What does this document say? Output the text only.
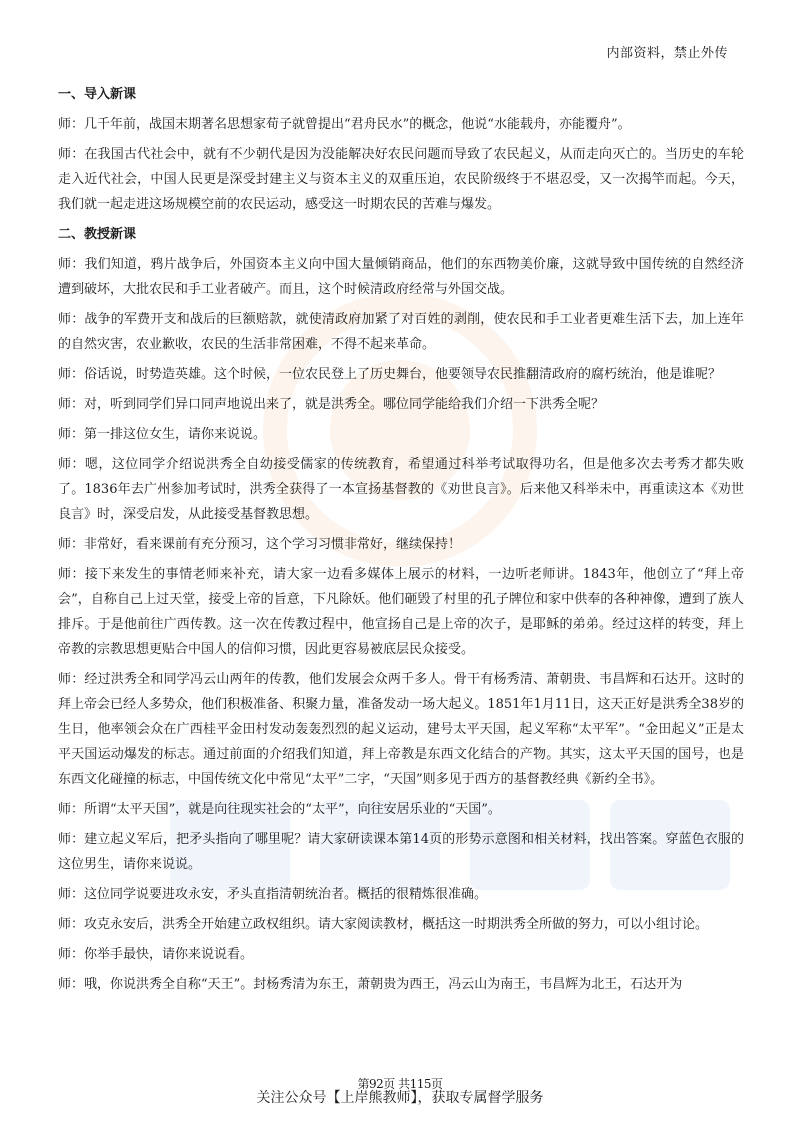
内部资料，禁止外传
一、导入新课

师：几千年前，战国末期著名思想家荀子就曾提出“君舟民水”的概念，他说“水能载舟，亦能覆舟”。

师：在我国古代社会中，就有不少朝代是因为没能解决好农民问题而导致了农民起义，从而走向灭亡的。当历史的车轮走入近代社会，中国人民更是深受封建主义与资本主义的双重压迫，农民阶级终于不堪忍受，又一次揭竿而起。今天，我们就一起走进这场规模空前的农民运动，感受这一时期农民的苦难与爆发。

二、教授新课

师：我们知道，鸦片战争后，外国资本主义向中国大量倾销商品，他们的东西物美价廉，这就导致中国传统的自然经济遭到破坏，大批农民和手工业者破产。而且，这个时候清政府经常与外国交战。

师：战争的军费开支和战后的巨额赔款，就使清政府加紧了对百姓的剥削，使农民和手工业者更难生活下去，加上连年的自然灾害，农业歉收，农民的生活非常困难，不得不起来革命。

师：俗话说，时势造英雄。这个时候，一位农民登上了历史舞台，他要领导农民推翻清政府的腐朽统治，他是谁呢？

师：对，听到同学们异口同声地说出来了，就是洪秀全。哪位同学能给我们介绍一下洪秀全呢？

师：第一排这位女生，请你来说说。

师：嗯，这位同学介绍说洪秀全自幼接受儒家的传统教育，希望通过科举考试取得功名，但是他多次去考秀才都失败了。1836年去广州参加考试时，洪秀全获得了一本宣扬基督教的《劝世良言》。后来他又科举未中，再重读这本《劝世良言》时，深受启发，从此接受基督教思想。

师：非常好，看来课前有充分预习，这个学习习惯非常好，继续保持！

师：接下来发生的事情老师来补充，请大家一边看多媒体上展示的材料，一边听老师讲。1843年，他创立了“拜上帝会”，自称自己上过天堂，接受上帝的旨意，下凡除妖。他们砸毁了村里的孔子牌位和家中供奉的各种神像，遭到了族人排斥。于是他前往广西传教。这一次在传教过程中，他宣扬自己是上帝的次子，是耶稣的弟弟。经过这样的转变，拜上帝教的宗教思想更贴合中国人的信仰习惯，因此更容易被底层民众接受。

师：经过洪秀全和同学冯云山两年的传教，他们发展会众两千多人。骨干有杨秀清、萧朝贵、韦昌辉和石达开。这时的拜上帝会已经人多势众，他们积极准备、积聚力量，准备发动一场大起义。1851年1月11日，这天正好是洪秀全38岁的生日，他率领会众在广西桂平金田村发动轰轰烈烈的起义运动，建号太平天国，起义军称“太平军”。“金田起义”正是太平天国运动爆发的标志。通过前面的介绍我们知道，拜上帝教是东西文化结合的产物。其实，这太平天国的国号，也是东西文化碰撞的标志，中国传统文化中常见“太平”二字，“天国”则多见于西方的基督教经典《新约全书》。

师：所谓“太平天国”，就是向往现实社会的“太平”，向往安居乐业的“天国”。

师：建立起义军后，把矛头指向了哪里呢？请大家研读课本第14页的形势示意图和相关材料，找出答案。穿蓝色衣服的这位男生，请你来说说。

师：这位同学说要进攻永安，矛头直指清朝统治者。概括的很精炼很准确。

师：攻克永安后，洪秀全开始建立政权组织。请大家阅读教材，概括这一时期洪秀全所做的努力，可以小组讨论。

师：你举手最快，请你来说说看。

师：哦，你说洪秀全自称“天王”。封杨秀清为东王，萧朝贵为西王，冯云山为南王，韦昌辉为北王，石达开为

第92页 共115页
关注公众号【上岸熊教师】，获取专属督学服务
